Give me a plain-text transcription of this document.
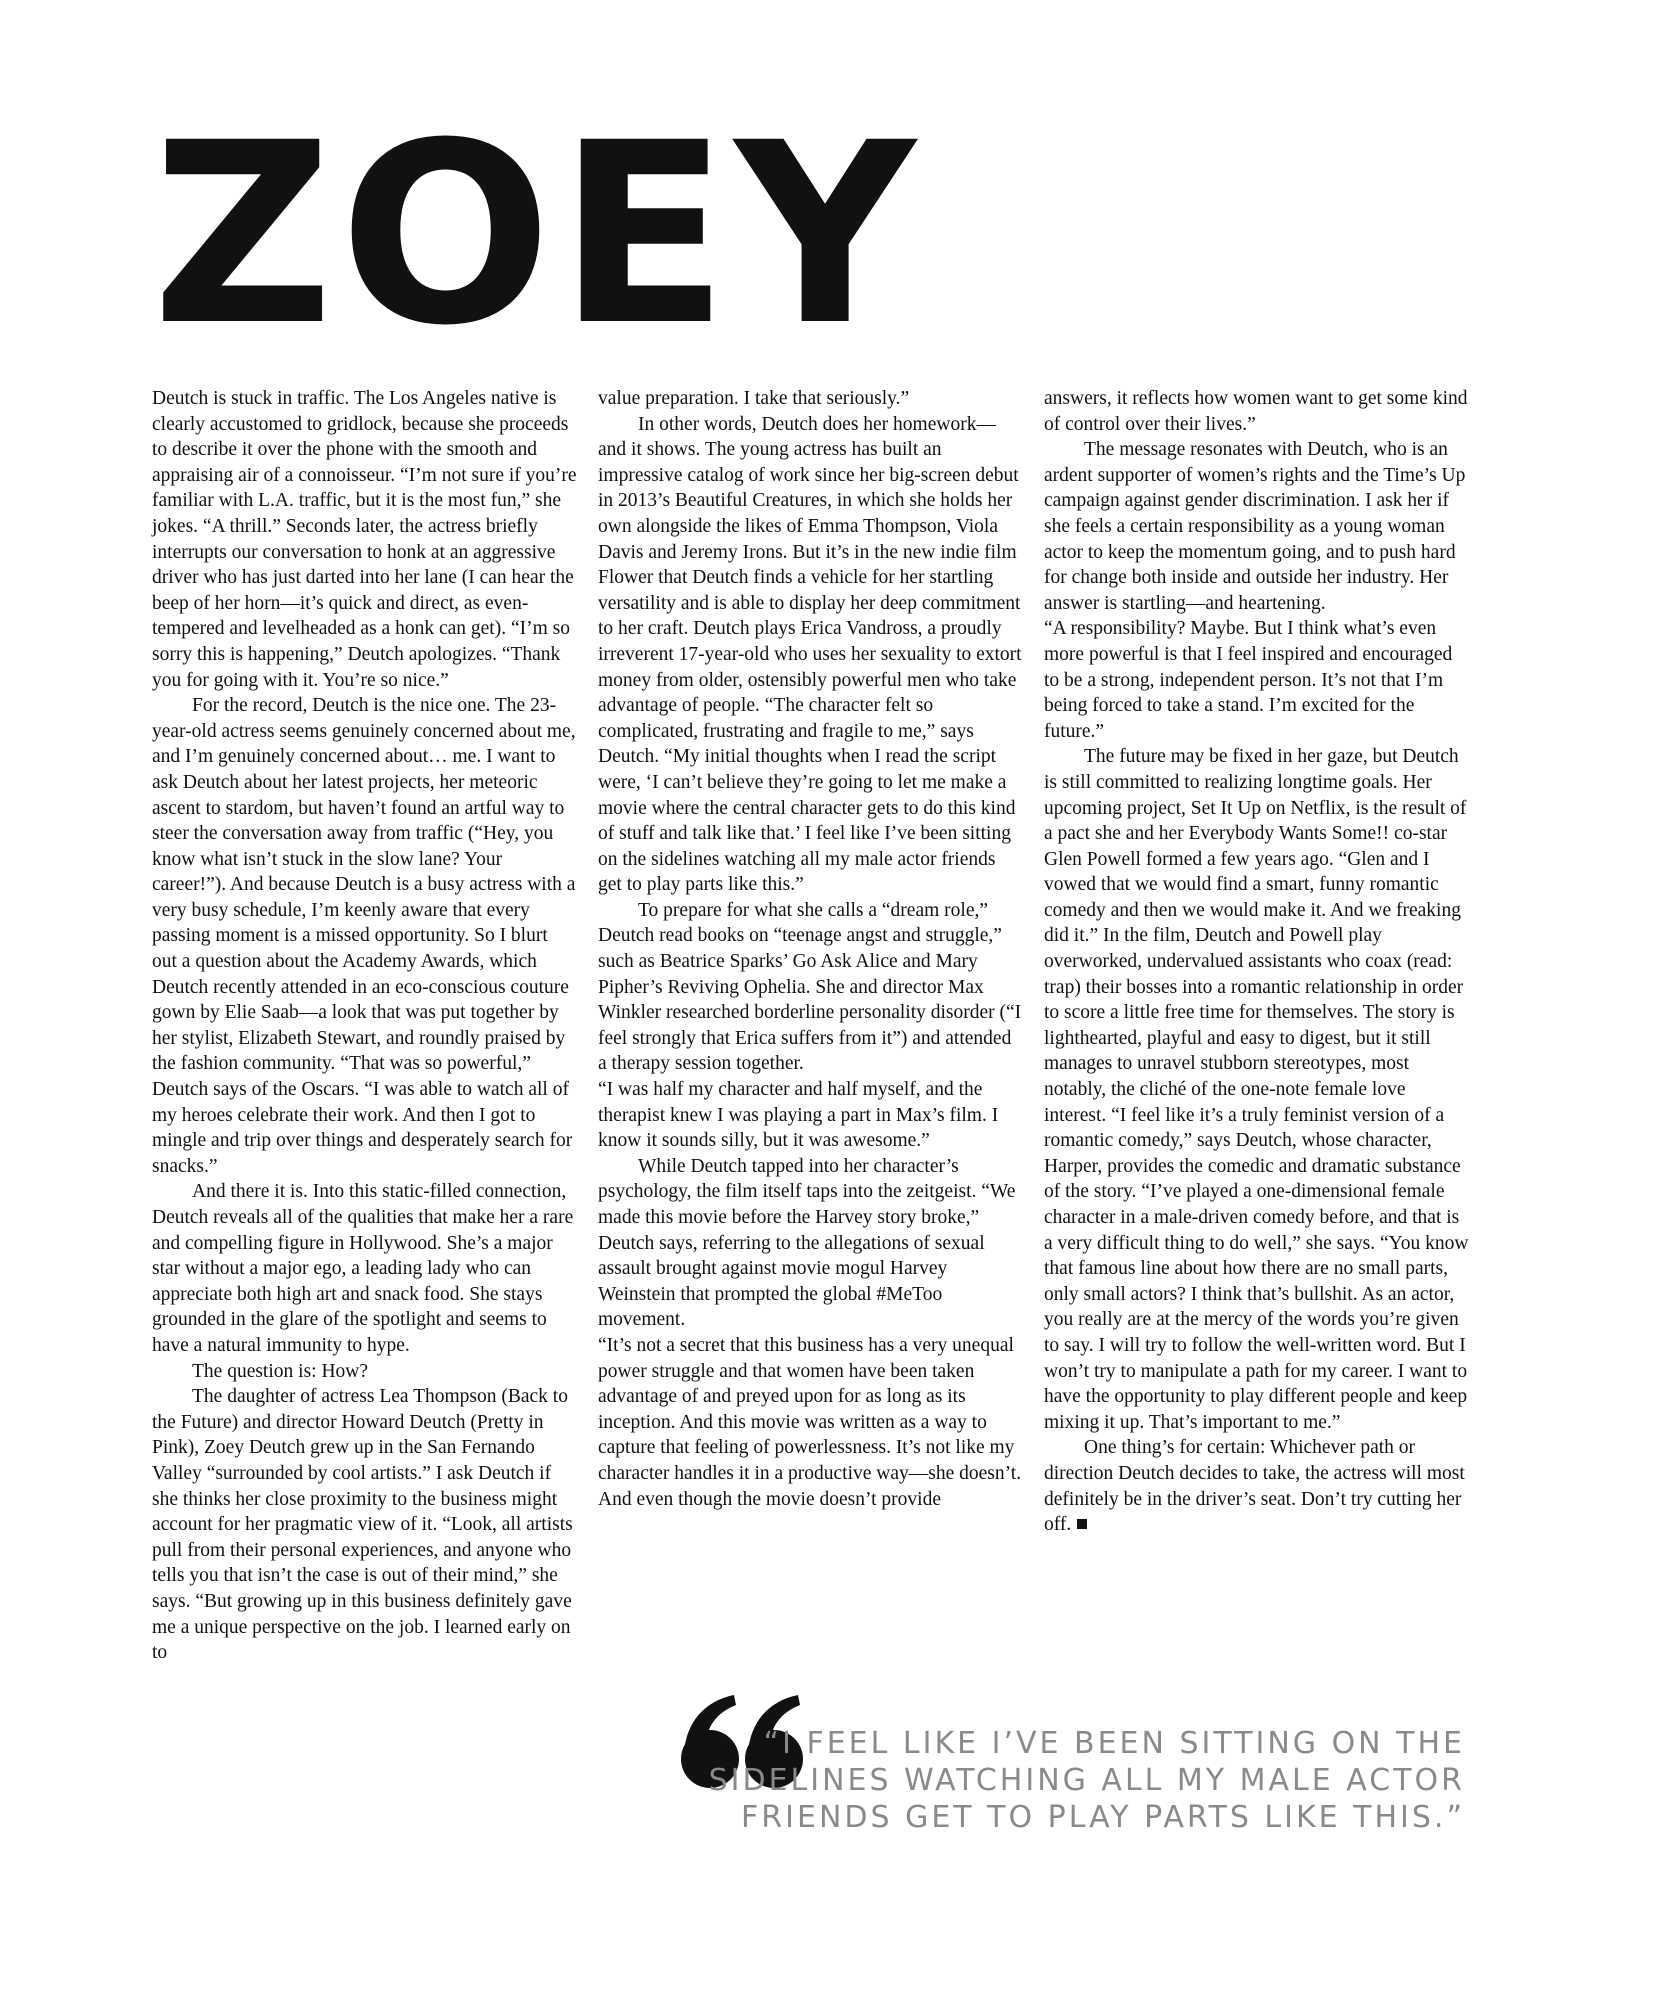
ZOEY

Deutch is stuck in traffic. The Los Angeles native is clearly accustomed to gridlock, because she proceeds to describe it over the phone with the smooth and appraising air of a connoisseur. “I’m not sure if you’re familiar with L.A. traffic, but it is the most fun,” she jokes. “A thrill.” Seconds later, the actress briefly interrupts our conversation to honk at an aggressive driver who has just darted into her lane (I can hear the beep of her horn—it’s quick and direct, as even-tempered and levelheaded as a honk can get). “I’m so sorry this is happening,” Deutch apologizes. “Thank you for going with it. You’re so nice.”

For the record, Deutch is the nice one. The 23-year-old actress seems genuinely concerned about me, and I’m genuinely concerned about… me. I want to ask Deutch about her latest projects, her meteoric ascent to stardom, but haven’t found an artful way to steer the conversation away from traffic (“Hey, you know what isn’t stuck in the slow lane? Your career!”). And because Deutch is a busy actress with a very busy schedule, I’m keenly aware that every passing moment is a missed opportunity. So I blurt out a question about the Academy Awards, which Deutch recently attended in an eco-conscious couture gown by Elie Saab—a look that was put together by her stylist, Elizabeth Stewart, and roundly praised by the fashion community. “That was so powerful,” Deutch says of the Oscars. “I was able to watch all of my heroes celebrate their work. And then I got to mingle and trip over things and desperately search for snacks.”

And there it is. Into this static-filled connection, Deutch reveals all of the qualities that make her a rare and compelling figure in Hollywood. She’s a major star without a major ego, a leading lady who can appreciate both high art and snack food. She stays grounded in the glare of the spotlight and seems to have a natural immunity to hype.

The question is: How?

The daughter of actress Lea Thompson (Back to the Future) and director Howard Deutch (Pretty in Pink), Zoey Deutch grew up in the San Fernando Valley “surrounded by cool artists.” I ask Deutch if she thinks her close proximity to the business might account for her pragmatic view of it. “Look, all artists pull from their personal experiences, and anyone who tells you that isn’t the case is out of their mind,” she says. “But growing up in this business definitely gave me a unique perspective on the job. I learned early on to

value preparation. I take that seriously.”

In other words, Deutch does her homework—and it shows. The young actress has built an impressive catalog of work since her big-screen debut in 2013’s Beautiful Creatures, in which she holds her own alongside the likes of Emma Thompson, Viola Davis and Jeremy Irons. But it’s in the new indie film Flower that Deutch finds a vehicle for her startling versatility and is able to display her deep commitment to her craft. Deutch plays Erica Vandross, a proudly irreverent 17-year-old who uses her sexuality to extort money from older, ostensibly powerful men who take advantage of people. “The character felt so complicated, frustrating and fragile to me,” says Deutch. “My initial thoughts when I read the script were, ‘I can’t believe they’re going to let me make a movie where the central character gets to do this kind of stuff and talk like that.’ I feel like I’ve been sitting on the sidelines watching all my male actor friends get to play parts like this.”

To prepare for what she calls a “dream role,” Deutch read books on “teenage angst and struggle,” such as Beatrice Sparks’ Go Ask Alice and Mary Pipher’s Reviving Ophelia. She and director Max Winkler researched borderline personality disorder (“I feel strongly that Erica suffers from it”) and attended a therapy session together.

“I was half my character and half myself, and the therapist knew I was playing a part in Max’s film. I know it sounds silly, but it was awesome.”

While Deutch tapped into her character’s psychology, the film itself taps into the zeitgeist. “We made this movie before the Harvey story broke,” Deutch says, referring to the allegations of sexual assault brought against movie mogul Harvey Weinstein that prompted the global #MeToo movement.

“It’s not a secret that this business has a very unequal power struggle and that women have been taken advantage of and preyed upon for as long as its inception. And this movie was written as a way to capture that feeling of powerlessness. It’s not like my character handles it in a productive way—she doesn’t. And even though the movie doesn’t provide

answers, it reflects how women want to get some kind of control over their lives.”

The message resonates with Deutch, who is an ardent supporter of women’s rights and the Time’s Up campaign against gender discrimination. I ask her if she feels a certain responsibility as a young woman actor to keep the momentum going, and to push hard for change both inside and outside her industry. Her answer is startling—and heartening.

“A responsibility? Maybe. But I think what’s even more powerful is that I feel inspired and encouraged to be a strong, independent person. It’s not that I’m being forced to take a stand. I’m excited for the future.”

The future may be fixed in her gaze, but Deutch is still committed to realizing longtime goals. Her upcoming project, Set It Up on Netflix, is the result of a pact she and her Everybody Wants Some!! co-star Glen Powell formed a few years ago. “Glen and I vowed that we would find a smart, funny romantic comedy and then we would make it. And we freaking did it.” In the film, Deutch and Powell play overworked, undervalued assistants who coax (read: trap) their bosses into a romantic relationship in order to score a little free time for themselves. The story is lighthearted, playful and easy to digest, but it still manages to unravel stubborn stereotypes, most notably, the cliché of the one-note female love interest. “I feel like it’s a truly feminist version of a romantic comedy,” says Deutch, whose character, Harper, provides the comedic and dramatic substance of the story. “I’ve played a one-dimensional female character in a male-driven comedy before, and that is a very difficult thing to do well,” she says. “You know that famous line about how there are no small parts, only small actors? I think that’s bullshit. As an actor, you really are at the mercy of the words you’re given to say. I will try to follow the well-written word. But I won’t try to manipulate a path for my career. I want to have the opportunity to play different people and keep mixing it up. That’s important to me.”

One thing’s for certain: Whichever path or direction Deutch decides to take, the actress will most definitely be in the driver’s seat. Don’t try cutting her off.

“I FEEL LIKE I’VE BEEN SITTING ON THE
SIDELINES WATCHING ALL MY MALE ACTOR
FRIENDS GET TO PLAY PARTS LIKE THIS.”
